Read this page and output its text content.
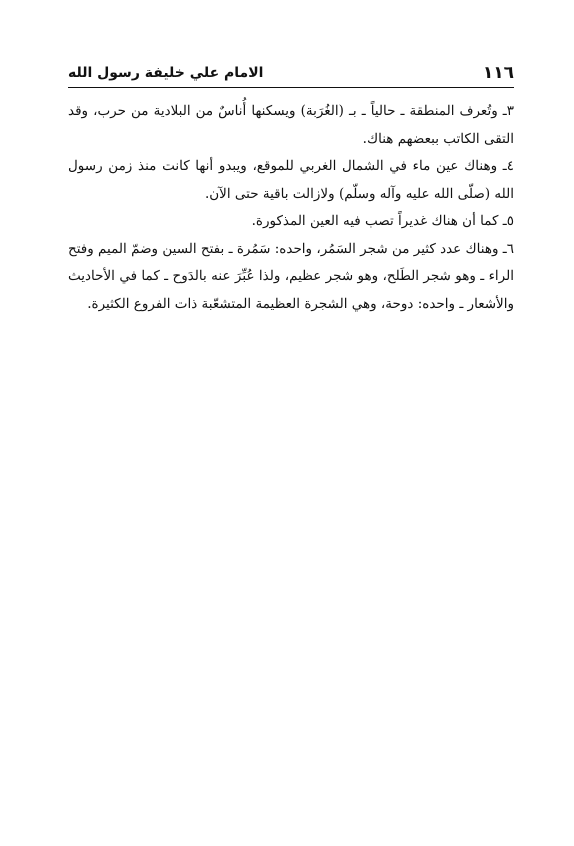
١١٦
الامام علي خليفة رسول الله

٣ـ وتُعرف المنطقة ـ حالياً ـ بـ (الغُرَبة) ويسكنها أُناسٌ من البلادية من حرب، وقد التقى الكاتب ببعضهم هناك.

٤ـ وهناك عين ماء في الشمال الغربي للموقع، ويبدو أنها كانت منذ زمن رسول الله (صلّى الله عليه وآله وسلّم) ولازالت باقية حتى الآن.

٥ـ كما أن هناك غديراً تصب فيه العين المذكورة.

٦ـ وهناك عدد كثير من شجر السَمُر، واحده: سَمُرة ـ بفتح السين وضمّ الميم وفتح الراء ـ وهو شجر الطَلح، وهو شجر عظيم، ولذا عُبِّرَ عنه بالدَوح ـ كما في الأحاديث والأشعار ـ واحده: دوحة، وهي الشجرة العظيمة المتشعّبة ذات الفروع الكثيرة.
